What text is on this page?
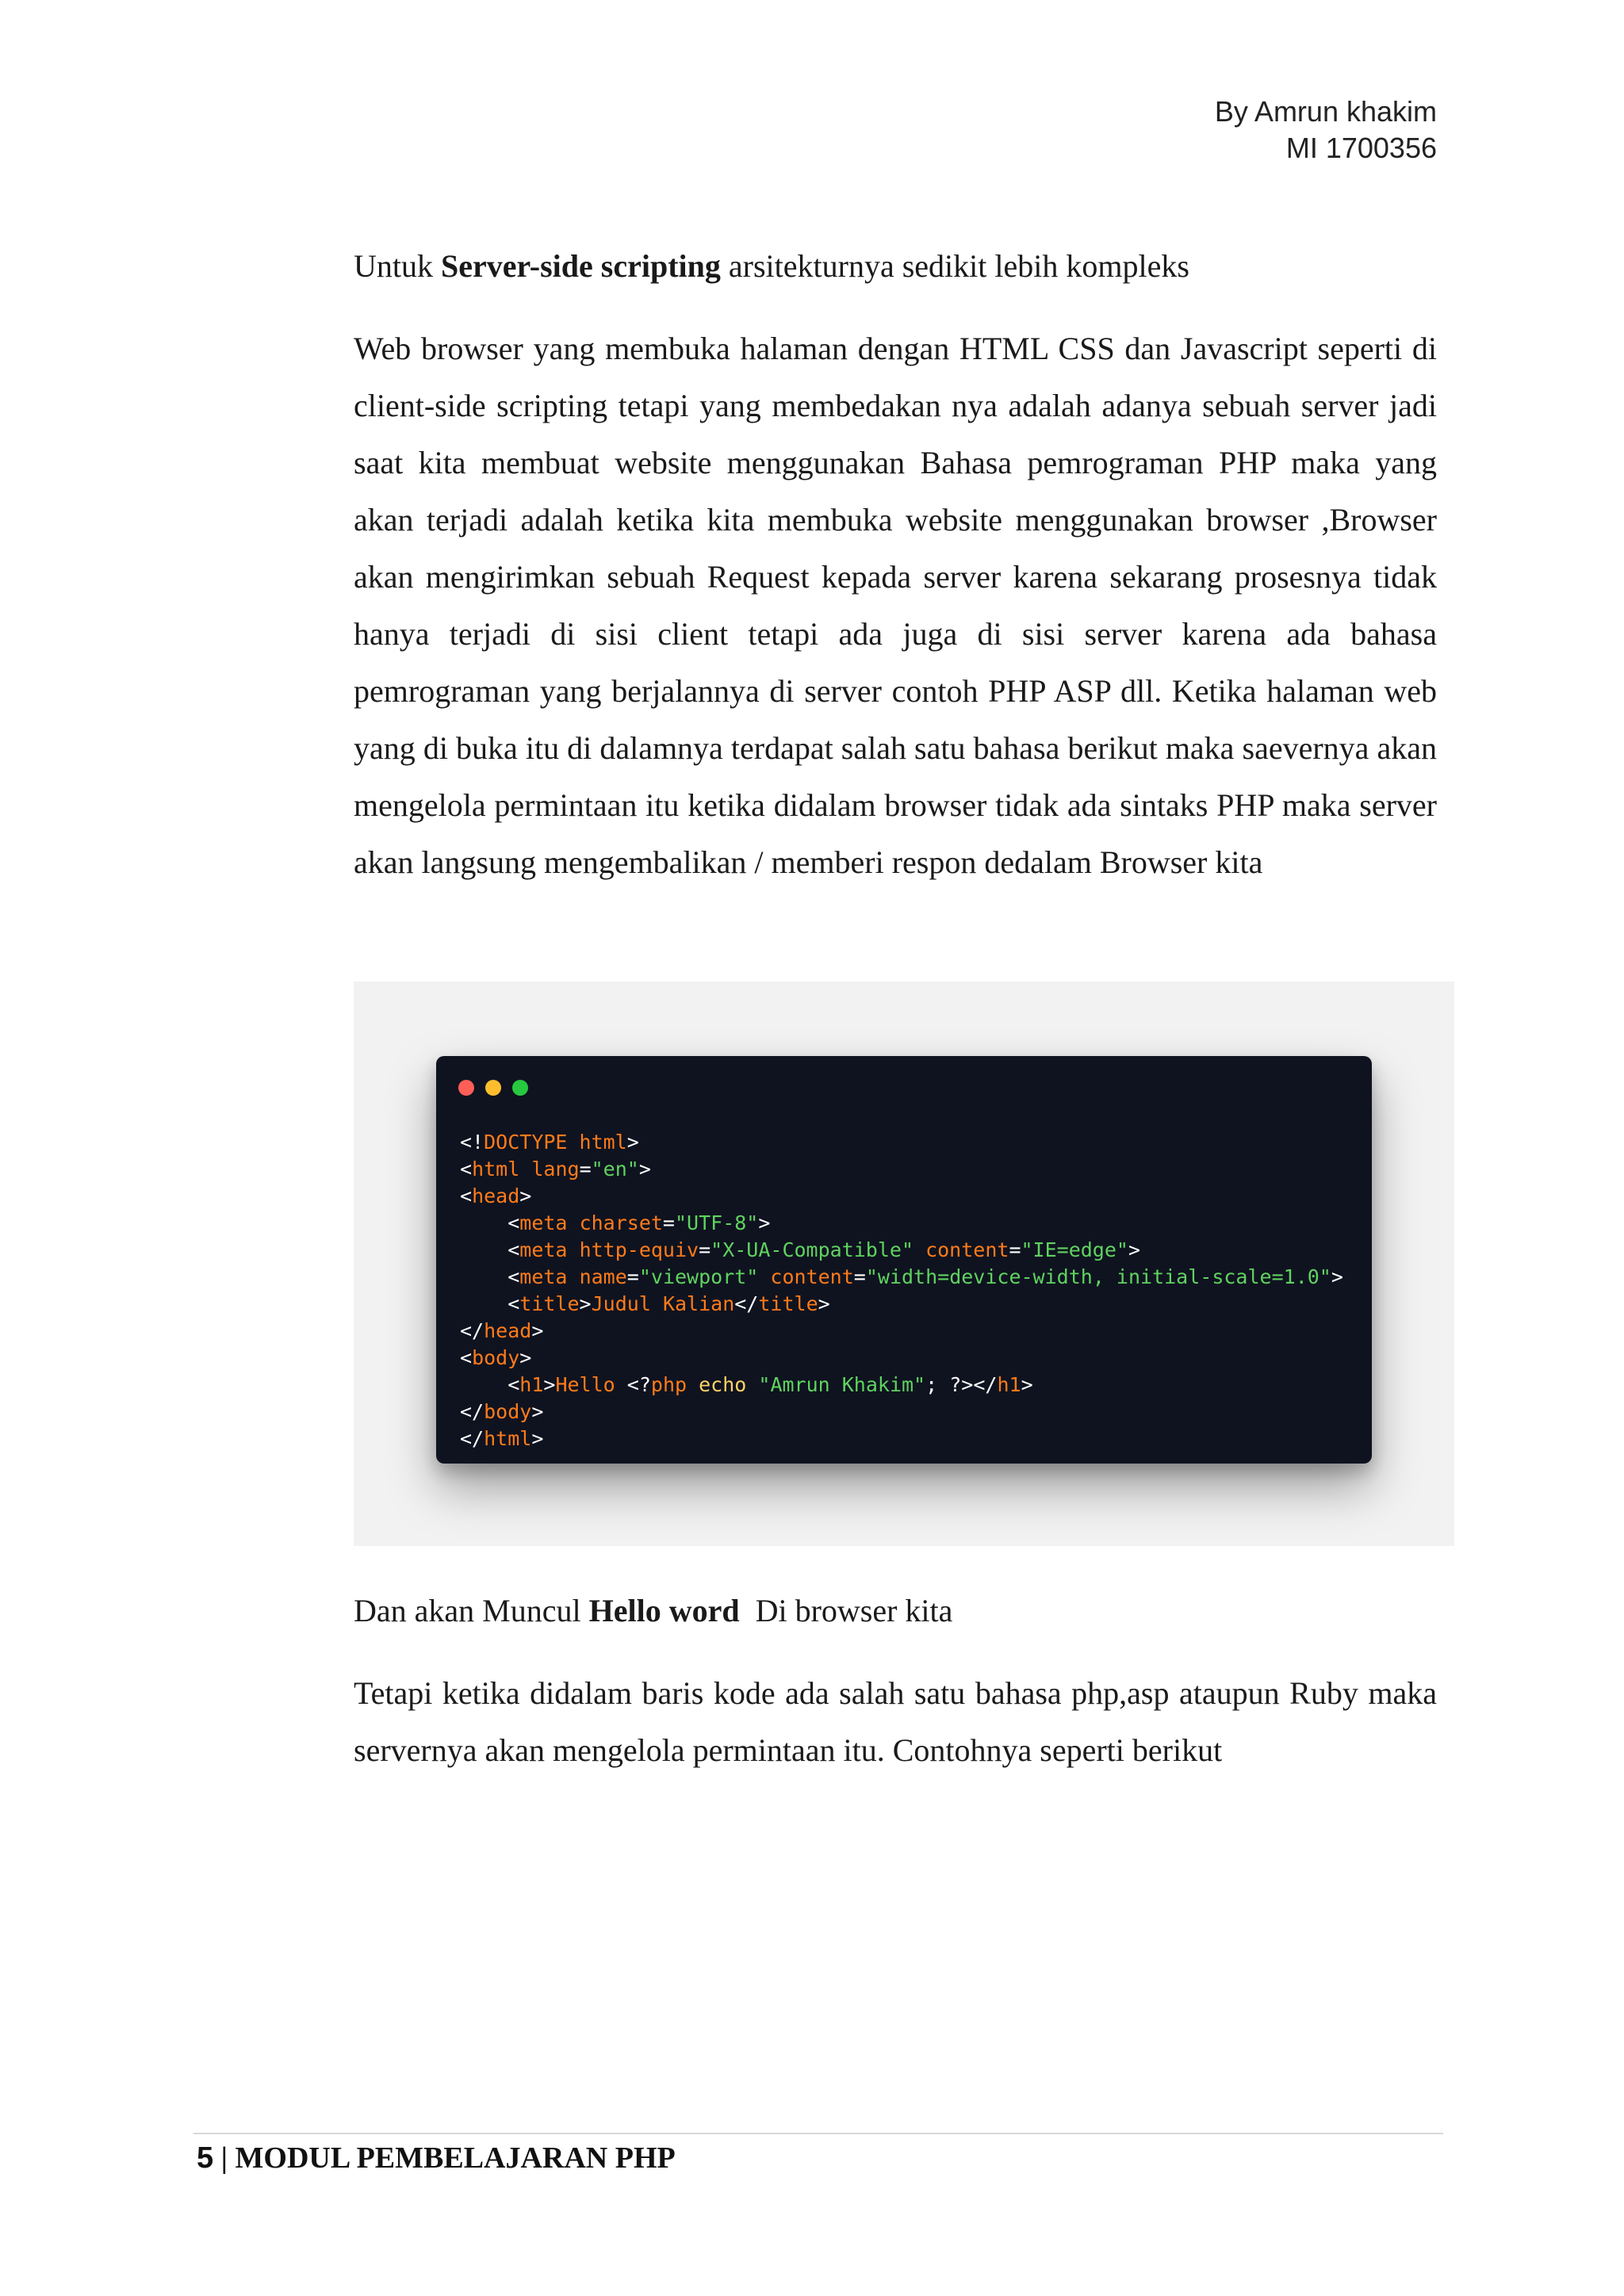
By Amrun khakim
MI 1700356

Untuk Server-side scripting arsitekturnya sedikit lebih kompleks

Web browser yang membuka halaman dengan HTML CSS dan Javascript seperti di client-side scripting tetapi yang membedakan nya adalah adanya sebuah server jadi saat kita membuat website menggunakan Bahasa pemrograman PHP maka yang akan terjadi adalah ketika kita membuka website menggunakan browser ,Browser akan mengirimkan sebuah Request kepada server karena sekarang prosesnya tidak hanya terjadi di sisi client tetapi ada juga di sisi server karena ada bahasa pemrograman yang berjalannya di server contoh PHP ASP dll. Ketika halaman web yang di buka itu di dalamnya terdapat salah satu bahasa berikut maka saevernya akan mengelola permintaan itu ketika didalam browser tidak ada sintaks PHP maka server akan langsung mengembalikan / memberi respon dedalam Browser kita

<!DOCTYPE html>
<html lang="en">
<head>
<meta charset="UTF-8">
<meta http-equiv="X-UA-Compatible" content="IE=edge">
<meta name="viewport" content="width=device-width, initial-scale=1.0">
<title>Judul Kalian</title>
</head>
<body>
<h1>Hello <?php echo "Amrun Khakim"; ?></h1>
</body>
</html>

Dan akan Muncul Hello word  Di browser kita

Tetapi ketika didalam baris kode ada salah satu bahasa php,asp ataupun Ruby maka servernya akan mengelola permintaan itu. Contohnya seperti berikut

5 | MODUL PEMBELAJARAN PHP
